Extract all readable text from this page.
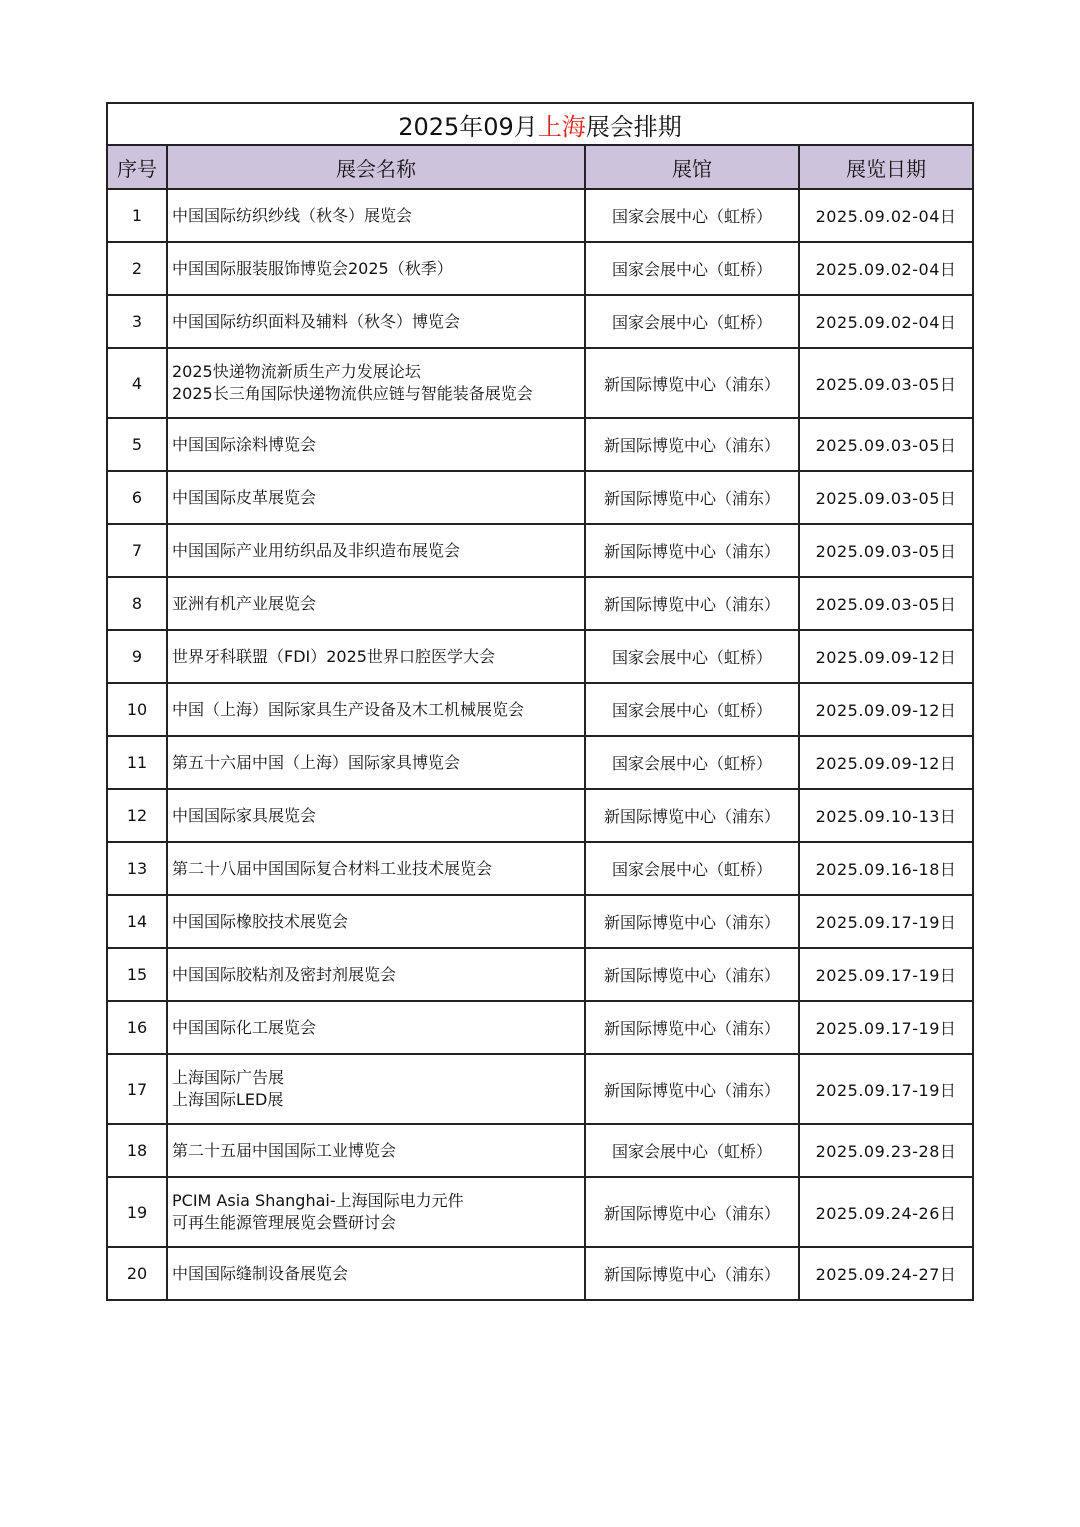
2025年09月上海展会排期			
序号	展会名称	展馆	展览日期
1	中国国际纺织纱线（秋冬）展览会	国家会展中心（虹桥）	2025.09.02-04日
2	中国国际服装服饰博览会2025（秋季）	国家会展中心（虹桥）	2025.09.02-04日
3	中国国际纺织面料及辅料（秋冬）博览会	国家会展中心（虹桥）	2025.09.02-04日
4	2025快递物流新质生产力发展论坛
2025长三角国际快递物流供应链与智能装备展览会	新国际博览中心（浦东）	2025.09.03-05日
5	中国国际涂料博览会	新国际博览中心（浦东）	2025.09.03-05日
6	中国国际皮革展览会	新国际博览中心（浦东）	2025.09.03-05日
7	中国国际产业用纺织品及非织造布展览会	新国际博览中心（浦东）	2025.09.03-05日
8	亚洲有机产业展览会	新国际博览中心（浦东）	2025.09.03-05日
9	世界牙科联盟（FDI）2025世界口腔医学大会	国家会展中心（虹桥）	2025.09.09-12日
10	中国（上海）国际家具生产设备及木工机械展览会	国家会展中心（虹桥）	2025.09.09-12日
11	第五十六届中国（上海）国际家具博览会	国家会展中心（虹桥）	2025.09.09-12日
12	中国国际家具展览会	新国际博览中心（浦东）	2025.09.10-13日
13	第二十八届中国国际复合材料工业技术展览会	国家会展中心（虹桥）	2025.09.16-18日
14	中国国际橡胶技术展览会	新国际博览中心（浦东）	2025.09.17-19日
15	中国国际胶粘剂及密封剂展览会	新国际博览中心（浦东）	2025.09.17-19日
16	中国国际化工展览会	新国际博览中心（浦东）	2025.09.17-19日
17	上海国际广告展
上海国际LED展	新国际博览中心（浦东）	2025.09.17-19日
18	第二十五届中国国际工业博览会	国家会展中心（虹桥）	2025.09.23-28日
19	PCIM Asia Shanghai-上海国际电力元件
可再生能源管理展览会暨研讨会	新国际博览中心（浦东）	2025.09.24-26日
20	中国国际缝制设备展览会	新国际博览中心（浦东）	2025.09.24-27日
